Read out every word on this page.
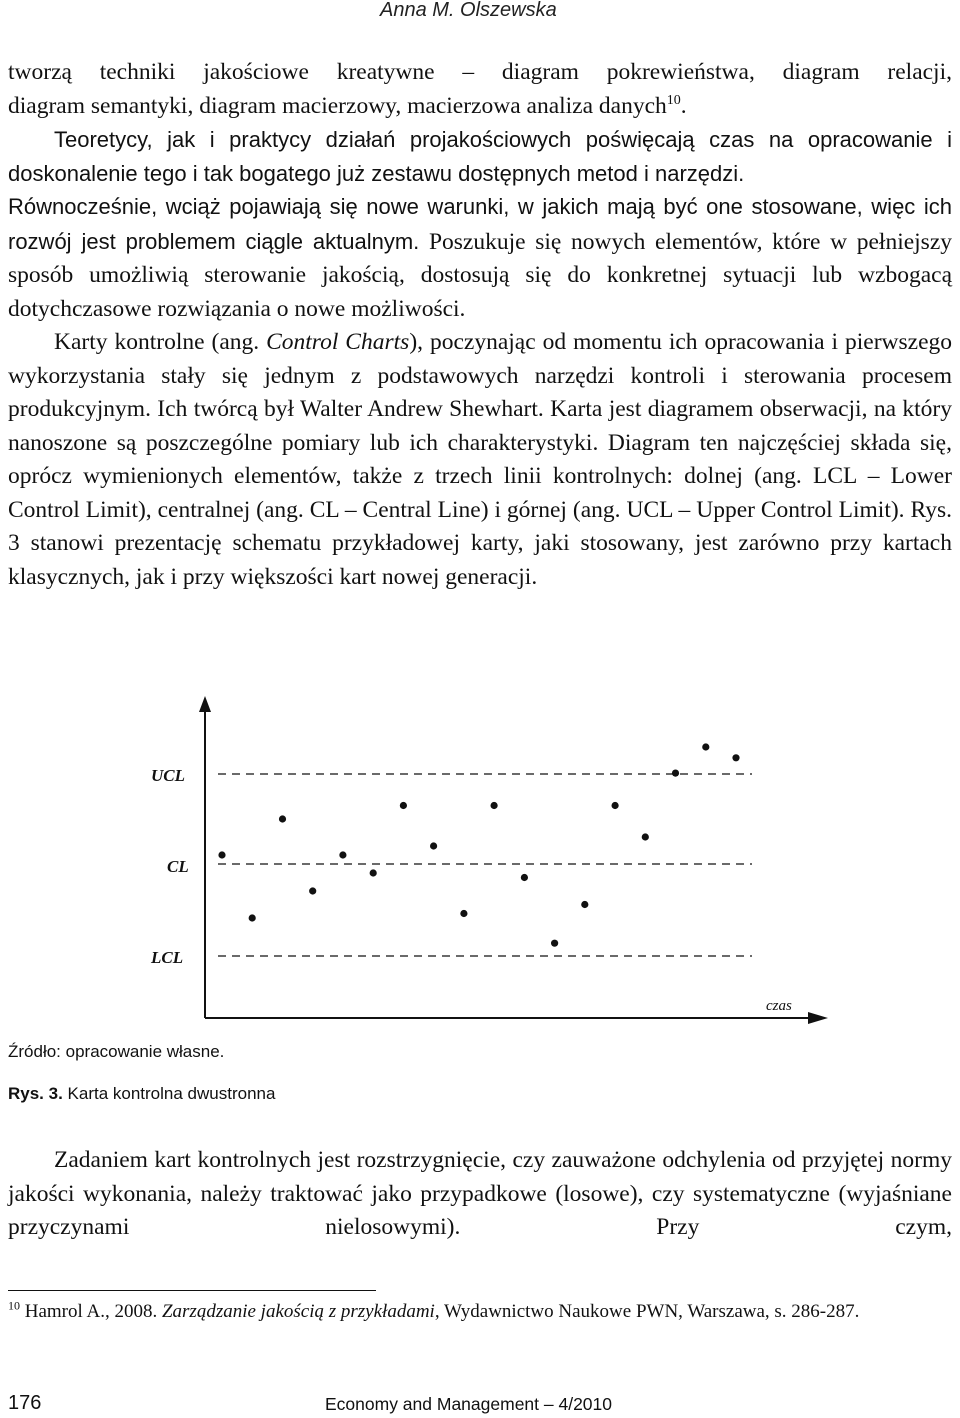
Anna M. Olszewska
tworzą techniki jakościowe kreatywne – diagram pokrewieństwa, diagram relacji,
diagram semantyki, diagram macierzowy, macierzowa analiza danych$^{10}$.
Teoretycy, jak i praktycy działań projakościowych poświęcają czas na opracowanie i doskonalenie tego i tak bogatego już zestawu dostępnych metod i narzędzi.
Równocześnie, wciąż pojawiają się nowe warunki, w jakich mają być one stosowane, więc ich rozwój jest problemem ciągle aktualnym. Poszukuje się nowych elementów, które w pełniejszy sposób umożliwią sterowanie jakością, dostosują się do konkretnej sytuacji lub wzbogacą dotychczasowe rozwiązania o nowe możliwości.
Karty kontrolne (ang. Control Charts), poczynając od momentu ich opracowania i pierwszego wykorzystania stały się jednym z podstawowych narzędzi kontroli i sterowania procesem produkcyjnym. Ich twórcą był Walter Andrew Shewhart. Karta jest diagramem obserwacji, na który nanoszone są poszczególne pomiary lub ich charakterystyki. Diagram ten najczęściej składa się, oprócz wymienionych elementów, także z trzech linii kontrolnych: dolnej (ang. LCL – Lower Control Limit), centralnej (ang. CL – Central Line) i górnej (ang. UCL – Upper Control Limit). Rys. 3 stanowi prezentację schematu przykładowej karty, jaki stosowany, jest zarówno przy kartach klasycznych, jak i przy większości kart nowej generacji.
UCL
CL
LCL
czas
Źródło: opracowanie własne.
Rys. 3. Karta kontrolna dwustronna
Zadaniem kart kontrolnych jest rozstrzygnięcie, czy zauważone odchylenia od przyjętej normy jakości wykonania, należy traktować jako przypadkowe (losowe), czy systematyczne (wyjaśniane przyczynami nielosowymi). Przy czym,
$^{10}$ Hamrol A., 2008. Zarządzanie jakością z przykładami, Wydawnictwo Naukowe PWN, Warszawa, s. 286-287.
176	Economy and Management – 4/2010
